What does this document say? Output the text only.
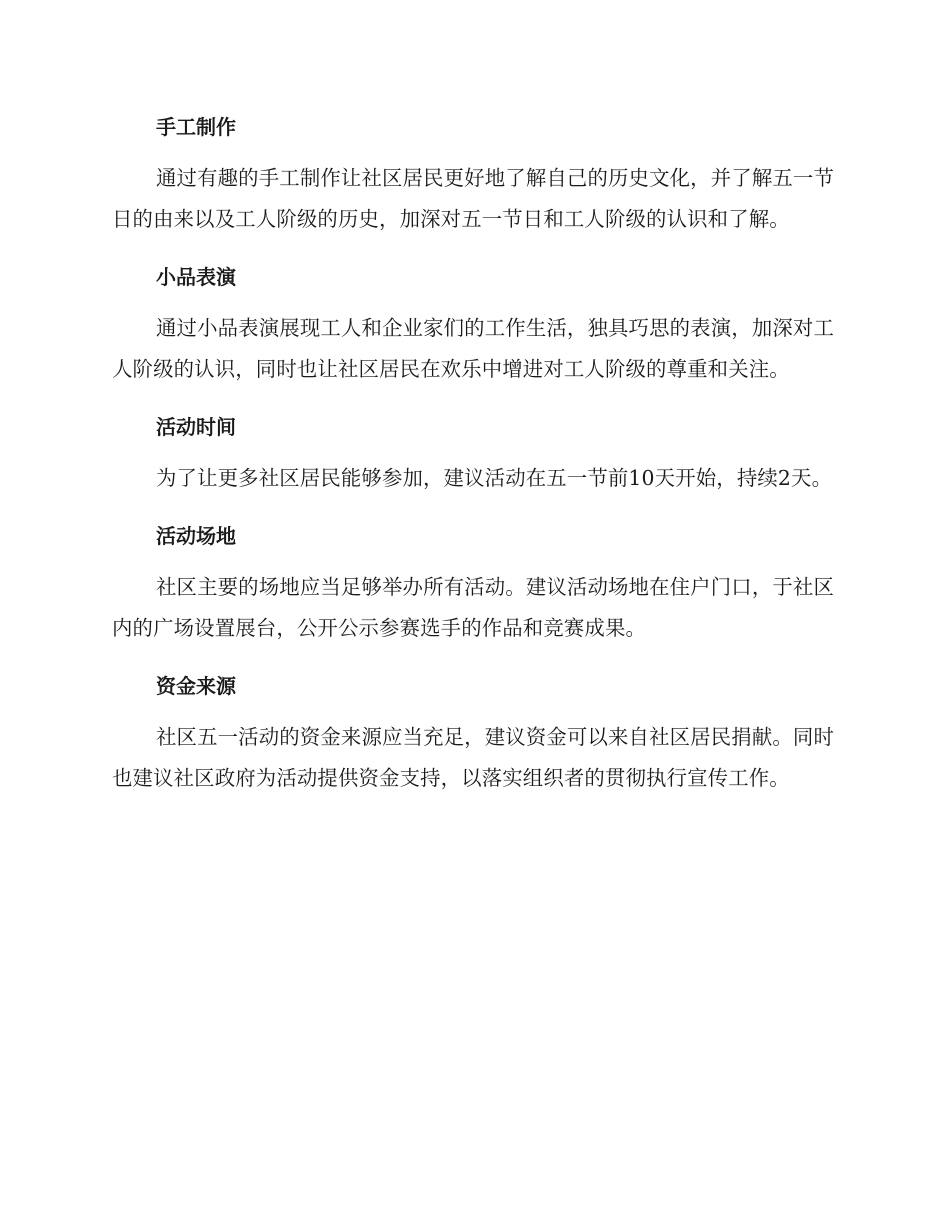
手工制作

通过有趣的手工制作让社区居民更好地了解自己的历史文化，并了解五一节日的由来以及工人阶级的历史，加深对五一节日和工人阶级的认识和了解。

小品表演

通过小品表演展现工人和企业家们的工作生活，独具巧思的表演，加深对工人阶级的认识，同时也让社区居民在欢乐中增进对工人阶级的尊重和关注。

活动时间

为了让更多社区居民能够参加，建议活动在五一节前10天开始，持续2天。

活动场地

社区主要的场地应当足够举办所有活动。建议活动场地在住户门口，于社区内的广场设置展台，公开公示参赛选手的作品和竞赛成果。

资金来源

社区五一活动的资金来源应当充足，建议资金可以来自社区居民捐献。同时也建议社区政府为活动提供资金支持，以落实组织者的贯彻执行宣传工作。
